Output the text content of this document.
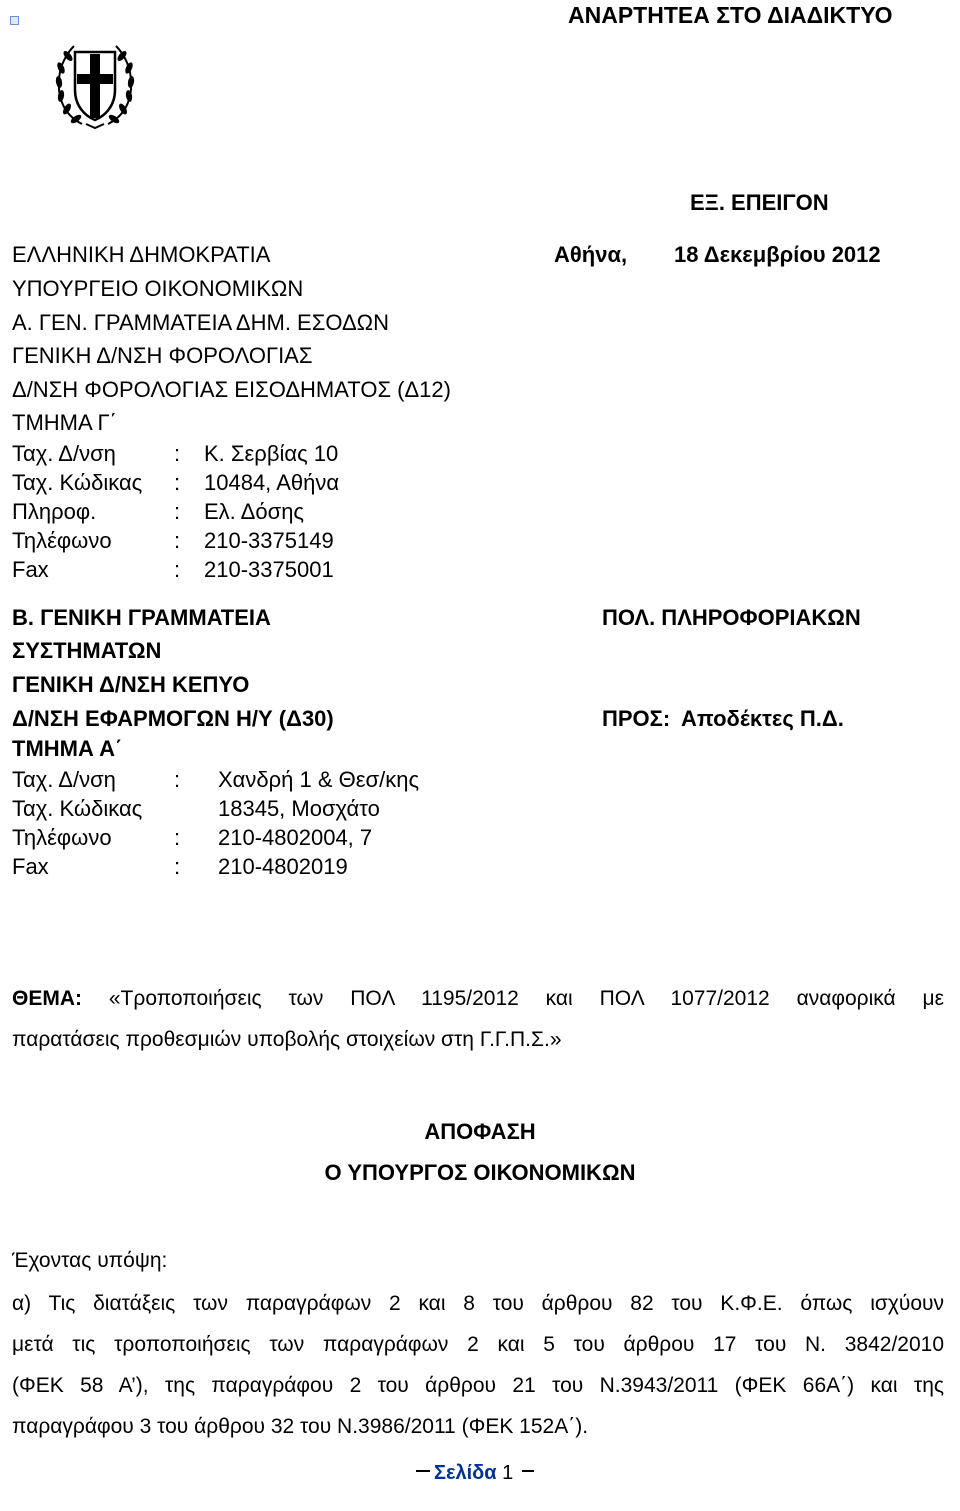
ΑΝΑΡΤΗΤΕΑ ΣΤΟ ΔΙΑΔΙΚΤΥΟ
ΕΞ. ΕΠΕΙΓΟΝ
Αθήνα, 18 Δεκεμβρίου 2012
ΕΛΛΗΝΙΚΗ ΔΗΜΟΚΡΑΤΙΑ
ΥΠΟΥΡΓΕΙΟ ΟΙΚΟΝΟΜΙΚΩΝ
Α. ΓΕΝ. ΓΡΑΜΜΑΤΕΙΑ ΔΗΜ. ΕΣΟΔΩΝ
ΓΕΝΙΚΗ Δ/ΝΣΗ ΦΟΡΟΛΟΓΙΑΣ
Δ/ΝΣΗ ΦΟΡΟΛΟΓΙΑΣ ΕΙΣΟΔΗΜΑΤΟΣ (Δ12)
ΤΜΗΜΑ Γ΄
Ταχ. Δ/νση	: Κ. Σερβίας 10
Ταχ. Κώδικας : 10484, Αθήνα
Πληροφ.	: Ελ. Δόσης
Τηλέφωνο	: 210-3375149
Fax	: 210-3375001
Β. ΓΕΝΙΚΗ ΓΡΑΜΜΑΤΕΙΑ
ΣΥΣΤΗΜΑΤΩΝ
ΓΕΝΙΚΗ Δ/ΝΣΗ ΚΕΠΥΟ
Δ/ΝΣΗ ΕΦΑΡΜΟΓΩΝ Η/Υ (Δ30)
ΤΜΗΜΑ Α΄
ΠΟΛ. ΠΛΗΡΟΦΟΡΙΑΚΩΝ
ΠΡΟΣ: Αποδέκτες Π.Δ.
Ταχ. Δ/νση	: Χανδρή 1 & Θεσ/κης
Ταχ. Κώδικας	18345, Μοσχάτο
Τηλέφωνο	: 210-4802004, 7
Fax	: 210-4802019
ΘΕΜΑ: «Τροποποιήσεις των ΠΟΛ 1195/2012 και ΠΟΛ 1077/2012 αναφορικά με
παρατάσεις προθεσμιών υποβολής στοιχείων στη Γ.Γ.Π.Σ.»
ΑΠΟΦΑΣΗ
Ο ΥΠΟΥΡΓΟΣ ΟΙΚΟΝΟΜΙΚΩΝ
Έχοντας υπόψη:
α) Τις διατάξεις των παραγράφων 2 και 8 του άρθρου 82 του Κ.Φ.Ε. όπως ισχύουν
μετά τις τροποποιήσεις των παραγράφων 2 και 5 του άρθρου 17 του Ν. 3842/2010
(ΦΕΚ 58 Α’), της παραγράφου 2 του άρθρου 21 του Ν.3943/2011 (ΦΕΚ 66Α΄) και της
παραγράφου 3 του άρθρου 32 του Ν.3986/2011 (ΦΕΚ 152Α΄).
Σελίδα 1
